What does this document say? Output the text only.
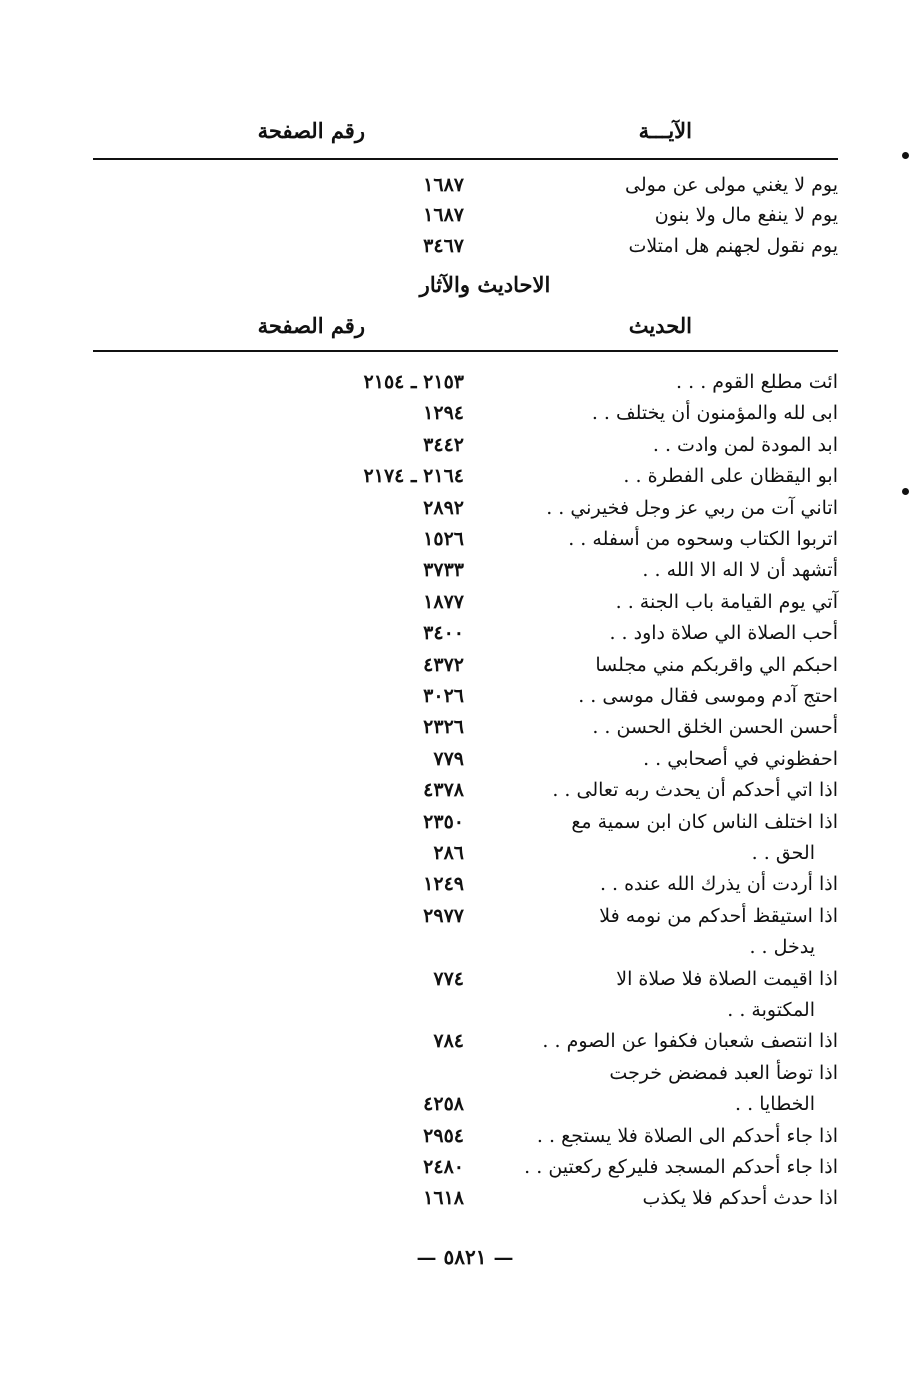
الآيـــة
رقم الصفحة
يوم لا يغني مولى عن مولى
١٦٨٧
يوم لا ينفع مال ولا بنون
١٦٨٧
يوم نقول لجهنم هل امتلات
٣٤٦٧
الاحاديث والآثار
الحديث
رقم الصفحة
ائت مطلع القوم . . .
٢١٥٣ ـ ٢١٥٤
ابى لله والمؤمنون أن يختلف . .
١٢٩٤
ابد المودة لمن وادت . .
٣٤٤٢
ابو اليقظان على الفطرة . .
٢١٦٤ ـ ٢١٧٤
اتاني آت من ربي عز وجل فخيرني . .
٢٨٩٢
اتربوا الكتاب وسحوه من أسفله . .
١٥٢٦
أتشهد أن لا اله الا الله . .
٣٧٣٣
آتي يوم القيامة باب الجنة . .
١٨٧٧
أحب الصلاة الي صلاة داود . .
٣٤٠٠
احبكم الي واقربكم مني مجلسا
٤٣٧٢
احتج آدم وموسى فقال موسى . .
٣٠٢٦
أحسن الحسن الخلق الحسن . .
٢٣٢٦
احفظوني في أصحابي . .
٧٧٩
اذا اتي أحدكم أن يحدث ربه تعالى . .
٤٣٧٨
اذا اختلف الناس كان ابن سمية مع
٢٣٥٠
الحق . .
٢٨٦
اذا أردت أن يذرك الله عنده . .
١٢٤٩
اذا استيقظ أحدكم من نومه فلا
٢٩٧٧
يدخل . .
اذا اقيمت الصلاة فلا صلاة الا
٧٧٤
المكتوبة . .
اذا انتصف شعبان فكفوا عن الصوم . .
٧٨٤
اذا توضأ العبد فمضض خرجت
الخطايا . .
٤٢٥٨
اذا جاء أحدكم الى الصلاة فلا يستجع . .
٢٩٥٤
اذا جاء أحدكم المسجد فليركع ركعتين . .
٢٤٨٠
اذا حدث أحدكم فلا يكذب
١٦١٨
— ٥٨٢١ —
